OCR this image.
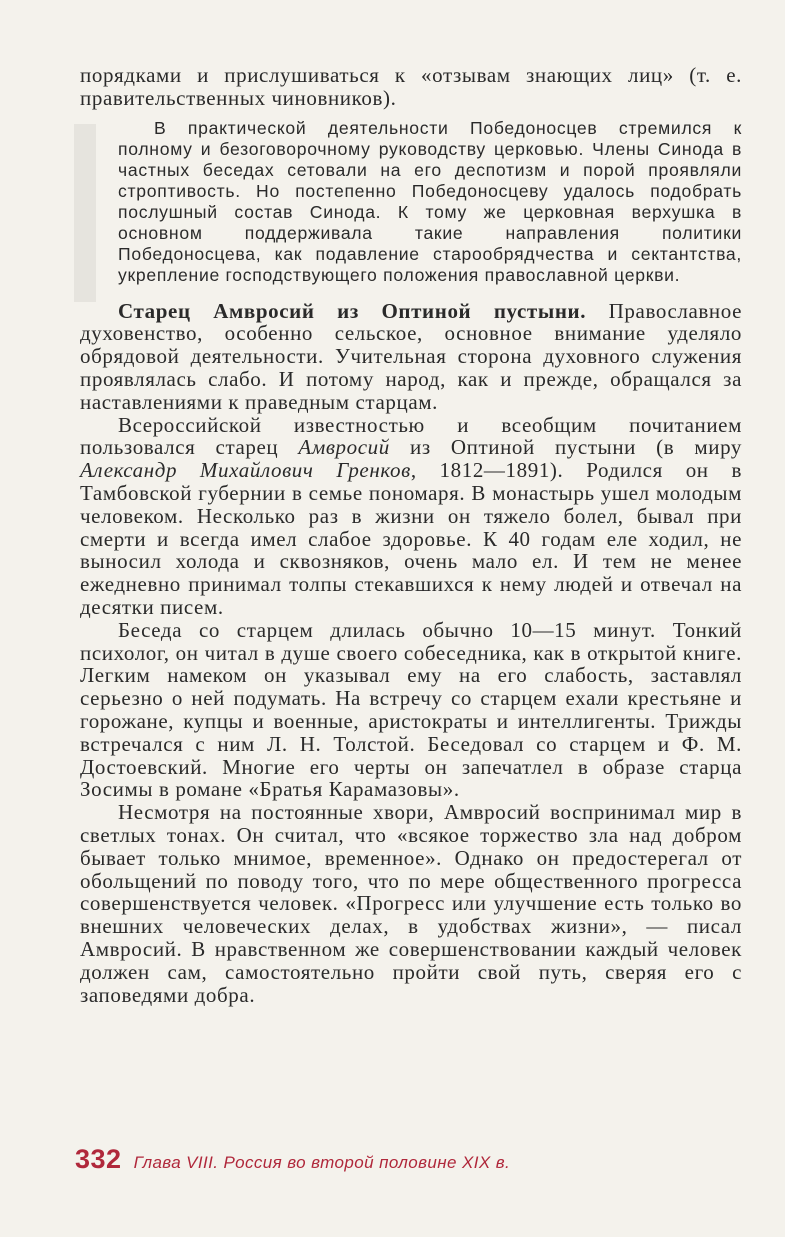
порядками и прислушиваться к «отзывам знающих лиц» (т. е. правительственных чиновников).

В практической деятельности Победоносцев стремился к полному и безоговорочному руководству церковью. Члены Синода в частных беседах сетовали на его деспотизм и порой проявляли строптивость. Но постепенно Победоносцеву удалось подобрать послушный состав Синода. К тому же церковная верхушка в основном поддерживала такие направления политики Победоносцева, как подавление старообрядчества и сектантства, укрепление господствующего положения православной церкви.

Старец Амвросий из Оптиной пустыни. Православное духовенство, особенно сельское, основное внимание уделяло обрядовой деятельности. Учительная сторона духовного служения проявлялась слабо. И потому народ, как и прежде, обращался за наставлениями к праведным старцам.

Всероссийской известностью и всеобщим почитанием пользовался старец Амвросий из Оптиной пустыни (в миру Александр Михайлович Гренков, 1812—1891). Родился он в Тамбовской губернии в семье пономаря. В монастырь ушел молодым человеком. Несколько раз в жизни он тяжело болел, бывал при смерти и всегда имел слабое здоровье. К 40 годам еле ходил, не выносил холода и сквозняков, очень мало ел. И тем не менее ежедневно принимал толпы стекавшихся к нему людей и отвечал на десятки писем.

Беседа со старцем длилась обычно 10—15 минут. Тонкий психолог, он читал в душе своего собеседника, как в открытой книге. Легким намеком он указывал ему на его слабость, заставлял серьезно о ней подумать. На встречу со старцем ехали крестьяне и горожане, купцы и военные, аристократы и интеллигенты. Трижды встречался с ним Л. Н. Толстой. Беседовал со старцем и Ф. М. Достоевский. Многие его черты он запечатлел в образе старца Зосимы в романе «Братья Карамазовы».

Несмотря на постоянные хвори, Амвросий воспринимал мир в светлых тонах. Он считал, что «всякое торжество зла над добром бывает только мнимое, временное». Однако он предостерегал от обольщений по поводу того, что по мере общественного прогресса совершенствуется человек. «Прогресс или улучшение есть только во внешних человеческих делах, в удобствах жизни», — писал Амвросий. В нравственном же совершенствовании каждый человек должен сам, самостоятельно пройти свой путь, сверяя его с заповедями добра.

332 Глава VIII. Россия во второй половине XIX в.
